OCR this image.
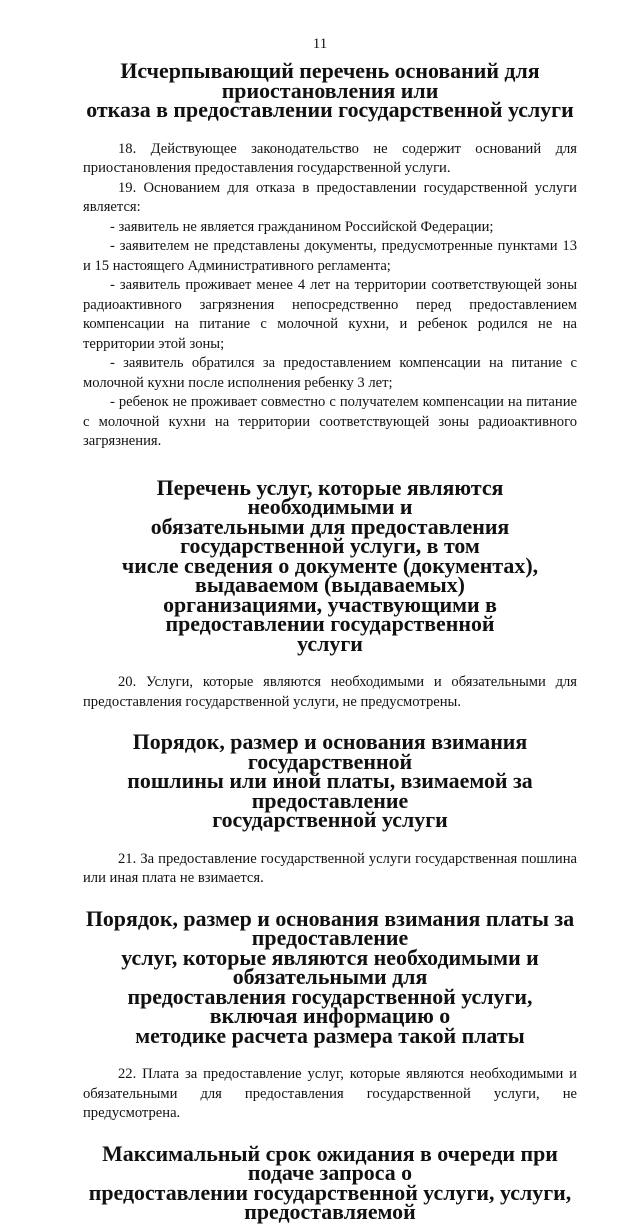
11
Исчерпывающий перечень оснований для приостановления или
отказа в предоставлении государственной услуги

18. Действующее законодательство не содержит оснований для приостановления предоставления государственной услуги.

19. Основанием для отказа в предоставлении государственной услуги является:

- заявитель не является гражданином Российской Федерации;

- заявителем не представлены документы, предусмотренные пунктами 13 и 15 настоящего Административного регламента;

- заявитель проживает менее 4 лет на территории соответствующей зоны радиоактивного загрязнения непосредственно перед предоставлением компенсации на питание с молочной кухни, и ребенок родился не на территории этой зоны;

- заявитель обратился за предоставлением компенсации на питание с молочной кухни после исполнения ребенку 3 лет;

- ребенок не проживает совместно с получателем компенсации на питание с молочной кухни на территории соответствующей зоны радиоактивного загрязнения.

Перечень услуг, которые являются необходимыми и
обязательными для предоставления государственной услуги, в том
числе сведения о документе (документах), выдаваемом (выдаваемых)
организациями, участвующими в предоставлении государственной
услуги

20. Услуги, которые являются необходимыми и обязательными для предоставления государственной услуги, не предусмотрены.

Порядок, размер и основания взимания государственной
пошлины или иной платы, взимаемой за предоставление
государственной услуги

21. За предоставление государственной услуги государственная пошлина или иная плата не взимается.

Порядок, размер и основания взимания платы за предоставление
услуг, которые являются необходимыми и обязательными для
предоставления государственной услуги, включая информацию о
методике расчета размера такой платы

22. Плата за предоставление услуг, которые являются необходимыми и обязательными для предоставления государственной услуги, не предусмотрена.

Максимальный срок ожидания в очереди при подаче запроса о
предоставлении государственной услуги, услуги, предоставляемой
